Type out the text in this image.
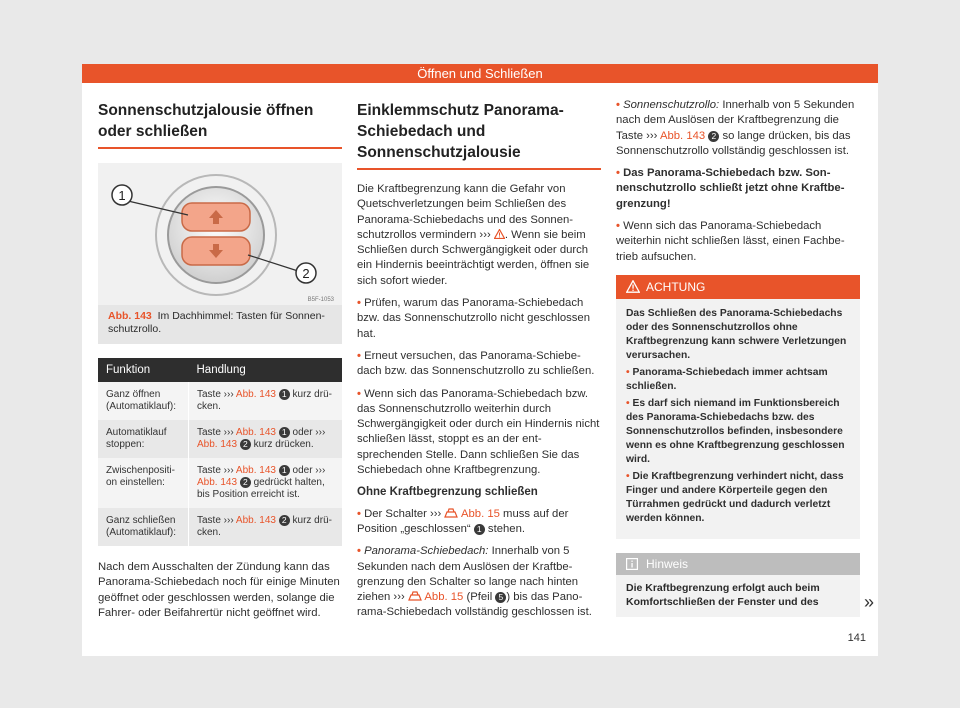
Öffnen und Schließen
Sonnenschutzjalousie öffnen oder schließen
1
2
B5F-1053
Abb. 143 Im Dachhimmel: Tasten für Sonnenschutzrollo.
Funktion	Handlung
Ganz öffnen (Automatiklauf):	Taste ››› Abb. 143 1 kurz drücken.
Automatiklauf stoppen:	Taste ››› Abb. 143 1 oder ››› Abb. 143 2 kurz drücken.
Zwischenposition einstellen:	Taste ››› Abb. 143 1 oder ››› Abb. 143 2 gedrückt halten, bis Position erreicht ist.
Ganz schließen (Automatiklauf):	Taste ››› Abb. 143 2 kurz drücken.

Nach dem Ausschalten der Zündung kann das Panorama-Schiebedach noch für einige Minuten geöffnet oder geschlossen werden, solange die Fahrer- oder Beifahrertür nicht geöffnet wird.

Einklemmschutz Panorama-Schiebedach und Sonnenschutzjalousie

Die Kraftbegrenzung kann die Gefahr von Quetschverletzungen beim Schließen des Panorama-Schiebedachs und des Sonnenschutzrollos vermindern ››› . Wenn sie beim Schließen durch Schwergängigkeit oder durch ein Hindernis beeinträchtigt werden, öffnen sie sich sofort wieder.

• Prüfen, warum das Panorama-Schiebedach bzw. das Sonnenschutzrollo nicht geschlossen hat.

• Erneut versuchen, das Panorama-Schiebedach bzw. das Sonnenschutzrollo zu schließen.

• Wenn sich das Panorama-Schiebedach bzw. das Sonnenschutzrollo weiterhin durch Schwergängigkeit oder durch ein Hindernis nicht schließen lässt, stoppt es an der entsprechenden Stelle. Dann schließen Sie das Schiebedach ohne Kraftbegrenzung.

Ohne Kraftbegrenzung schließen

• Der Schalter ›››  Abb. 15 muss auf der Position „geschlossen“ 1 stehen.

• Panorama-Schiebedach: Innerhalb von 5 Sekunden nach dem Auslösen der Kraftbegrenzung den Schalter so lange nach hinten ziehen ›››  Abb. 15 (Pfeil 5 ) bis das Panorama-Schiebedach vollständig geschlossen ist.

• Sonnenschutzrollo: Innerhalb von 5 Sekunden nach dem Auslösen der Kraftbegrenzung die Taste ››› Abb. 143 2 so lange drücken, bis das Sonnenschutzrollo vollständig geschlossen ist.

• Das Panorama-Schiebedach bzw. Sonnenschutzrollo schließt jetzt ohne Kraftbegrenzung!

• Wenn sich das Panorama-Schiebedach weiterhin nicht schließen lässt, einen Fachbetrieb aufsuchen.

ACHTUNG

Das Schließen des Panorama-Schiebedachs oder des Sonnenschutzrollos ohne Kraftbegrenzung kann schwere Verletzungen verursachen.

• Panorama-Schiebedach immer achtsam schließen.

• Es darf sich niemand im Funktionsbereich des Panorama-Schiebedachs bzw. des Sonnenschutzrollos befinden, insbesondere wenn es ohne Kraftbegrenzung geschlossen wird.

• Die Kraftbegrenzung verhindert nicht, dass Finger und andere Körperteile gegen den Türrahmen gedrückt und dadurch verletzt werden können.

Hinweis
Die Kraftbegrenzung erfolgt auch beim Komfortschließen der Fenster und des	»
141
